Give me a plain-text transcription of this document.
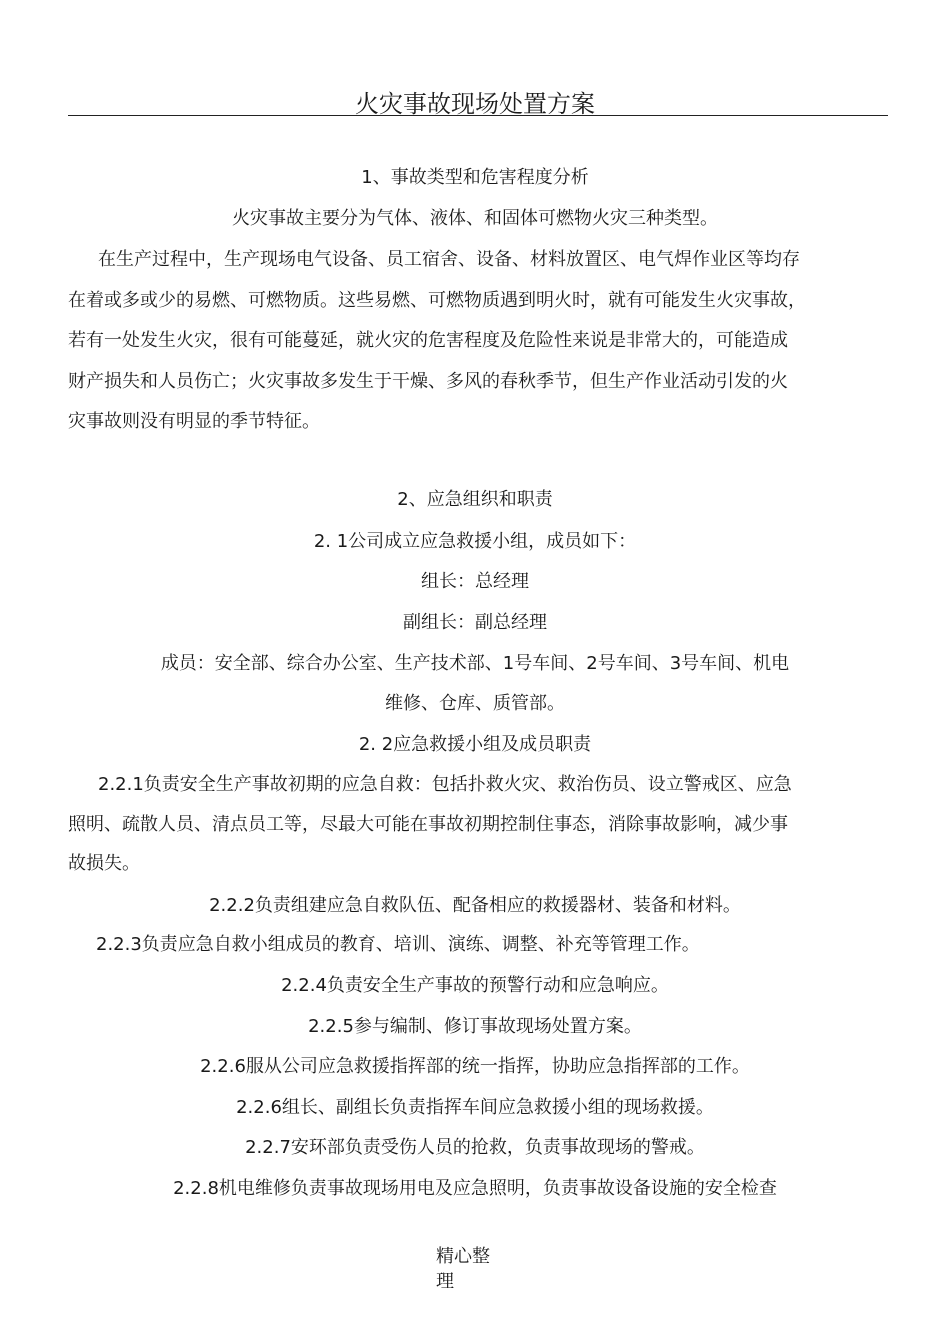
火灾事故现场处置方案
1、事故类型和危害程度分析
火灾事故主要分为气体、液体、和固体可燃物火灾三种类型。
在生产过程中，生产现场电气设备、员工宿舍、设备、材料放置区、电气焊作业区等均存
在着或多或少的易燃、可燃物质。这些易燃、可燃物质遇到明火时，就有可能发生火灾事故，
若有一处发生火灾，很有可能蔓延，就火灾的危害程度及危险性来说是非常大的，可能造成
财产损失和人员伤亡；火灾事故多发生于干燥、多风的春秋季节，但生产作业活动引发的火
灾事故则没有明显的季节特征。
2、应急组织和职责
2. 1公司成立应急救援小组，成员如下：
组长：总经理
副组长：副总经理
成员：安全部、综合办公室、生产技术部、1号车间、2号车间、3号车间、机电
维修、仓库、质管部。
2. 2应急救援小组及成员职责
2.2.1负责安全生产事故初期的应急自救：包括扑救火灾、救治伤员、设立警戒区、应急
照明、疏散人员、清点员工等，尽最大可能在事故初期控制住事态，消除事故影响，减少事
故损失。
2.2.2负责组建应急自救队伍、配备相应的救援器材、装备和材料。
2.2.3负责应急自救小组成员的教育、培训、演练、调整、补充等管理工作。
2.2.4负责安全生产事故的预警行动和应急响应。
2.2.5参与编制、修订事故现场处置方案。
2.2.6服从公司应急救援指挥部的统一指挥，协助应急指挥部的工作。
2.2.6组长、副组长负责指挥车间应急救援小组的现场救援。
2.2.7安环部负责受伤人员的抢救，负责事故现场的警戒。
2.2.8机电维修负责事故现场用电及应急照明，负责事故设备设施的安全检查
精心整
理
